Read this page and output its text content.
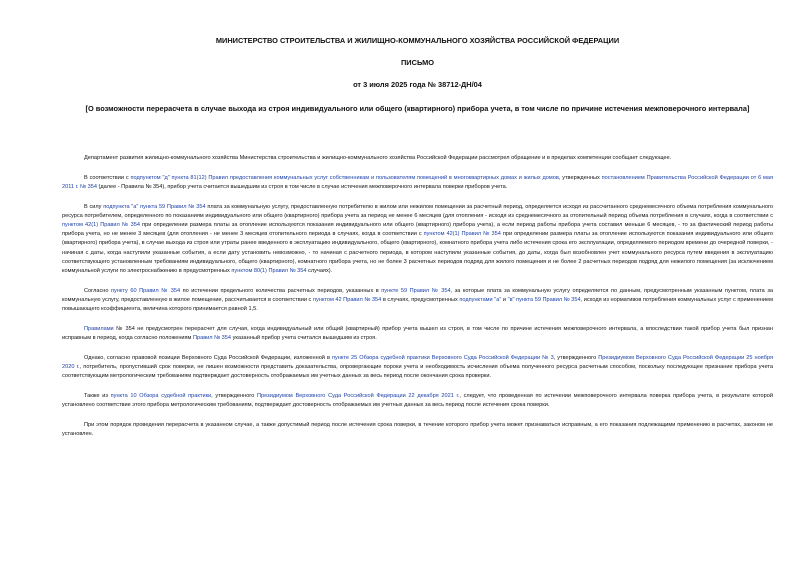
МИНИСТЕРСТВО СТРОИТЕЛЬСТВА И ЖИЛИЩНО-КОММУНАЛЬНОГО ХОЗЯЙСТВА РОССИЙСКОЙ ФЕДЕРАЦИИ
ПИСЬМО
от 3 июля 2025 года № 38712-ДН/04
[О возможности перерасчета в случае выхода из строя индивидуального или общего (квартирного) прибора учета, в том числе по причине истечения межповерочного интервала]

Департамент развития жилищно-коммунального хозяйства Министерства строительства и жилищно-коммунального хозяйства Российской Федерации рассмотрел обращение и в пределах компетенции сообщает следующее.

В соответствии с подпунктом "д" пункта 81(12) Правил предоставления коммунальных услуг собственникам и пользователям помещений в многоквартирных домах и жилых домов, утвержденных постановлением Правительства Российской Федерации от 6 мая 2011 г. № 354 (далее - Правила № 354), прибор учета считается вышедшим из строя в том числе в случае истечения межповерочного интервала поверки приборов учета.

В силу подпункта "а" пункта 59 Правил № 354 плата за коммунальную услугу, предоставленную потребителю в жилом или нежилом помещении за расчетный период, определяется исходя из рассчитанного среднемесячного объема потребления коммунального ресурса потребителем, определенного по показаниям индивидуального или общего (квартирного) прибора учета за период не менее 6 месяцев (для отопления - исходя из среднемесячного за отопительный период объема потребления в случаях, когда в соответствии с пунктом 42(1) Правил № 354 при определении размера платы за отопление используются показания индивидуального или общего (квартирного) прибора учета), а если период работы прибора учета составил меньше 6 месяцев, - то за фактический период работы прибора учета, но не менее 3 месяцев (для отопления - не менее 3 месяцев отопительного периода в случаях, когда в соответствии с пунктом 42(1) Правил № 354 при определении размера платы за отопление используются показания индивидуального или общего (квартирного) прибора учета), в случае выхода из строя или утраты ранее введенного в эксплуатацию индивидуального, общего (квартирного), комнатного прибора учета либо истечения срока его эксплуатации, определяемого периодом времени до очередной поверки, - начиная с даты, когда наступили указанные события, а если дату установить невозможно, - то начиная с расчетного периода, в котором наступили указанные события, до даты, когда был возобновлен учет коммунального ресурса путем введения в эксплуатацию соответствующего установленным требованиям индивидуального, общего (квартирного), комнатного прибора учета, но не более 3 расчетных периодов подряд для жилого помещения и не более 2 расчетных периодов подряд для нежилого помещения (за исключением коммунальной услуги по электроснабжению в предусмотренных пунктом 80(1) Правил № 354 случаях).

Согласно пункту 60 Правил № 354 по истечении предельного количества расчетных периодов, указанных в пункте 59 Правил № 354, за которые плата за коммунальную услугу определяется по данным, предусмотренным указанным пунктом, плата за коммунальную услугу, предоставленную в жилое помещение, рассчитывается в соответствии с пунктом 42 Правил № 354 в случаях, предусмотренных подпунктами "а" и "в" пункта 59 Правил № 354, исходя из нормативов потребления коммунальных услуг с применением повышающего коэффициента, величина которого принимается равной 1,5.

Правилами № 354 не предусмотрен перерасчет для случая, когда индивидуальный или общий (квартирный) прибор учета вышел из строя, в том числе по причине истечения межповерочного интервала, а впоследствии такой прибор учета был признан исправным в период, когда согласно положениям Правил № 354 указанный прибор учета считался вышедшим из строя.

Однако, согласно правовой позиции Верховного Суда Российской Федерации, изложенной в пункте 25 Обзора судебной практики Верховного Суда Российской Федерации № 3, утвержденного Президиумом Верховного Суда Российской Федерации 25 ноября 2020 г., потребитель, пропустивший срок поверки, не лишен возможности представить доказательства, опровергающие пороки учета и необходимость исчисления объема полученного ресурса расчетным способом, поскольку последующее признание прибора учета соответствующим метрологическим требованиям подтверждает достоверность отображаемых им учетных данных за весь период после окончания срока проверки.

Также из пункта 10 Обзора судебной практики, утвержденного Президиумом Верховного Суда Российской Федерации 22 декабря 2021 г., следует, что проведенная по истечении межповерочного интервала поверка прибора учета, в результате которой установлено соответствие этого прибора метрологическим требованиям, подтверждает достоверность отображаемых им учетных данных за весь период после истечения срока поверки.

При этом порядок проведения перерасчета в указанном случае, а также допустимый период после истечения срока поверки, в течение которого прибор учета может признаваться исправным, а его показания подлежащими применению в расчетах, законом не установлен.
